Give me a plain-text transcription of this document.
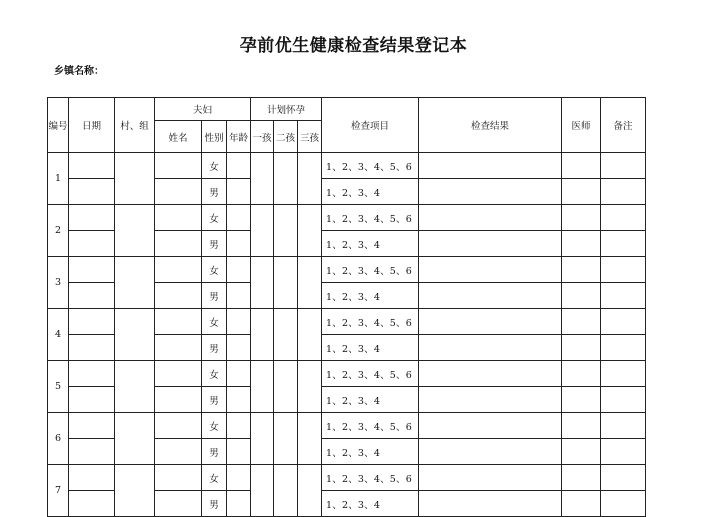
孕前优生健康检查结果登记本
乡镇名称：
编号	日期	村、组	夫妇			计划怀孕			检查项目	检查结果	医师	备注
			姓名	性别	年龄	一孩	二孩	三孩				
1				女					1、2、3、4、5、6			
				男					1、2、3、4			
2				女					1、2、3、4、5、6			
				男					1、2、3、4			
3				女					1、2、3、4、5、6			
				男					1、2、3、4			
4				女					1、2、3、4、5、6			
				男					1、2、3、4			
5				女					1、2、3、4、5、6			
				男					1、2、3、4			
6				女					1、2、3、4、5、6			
				男					1、2、3、4			
7				女					1、2、3、4、5、6			
				男					1、2、3、4			
